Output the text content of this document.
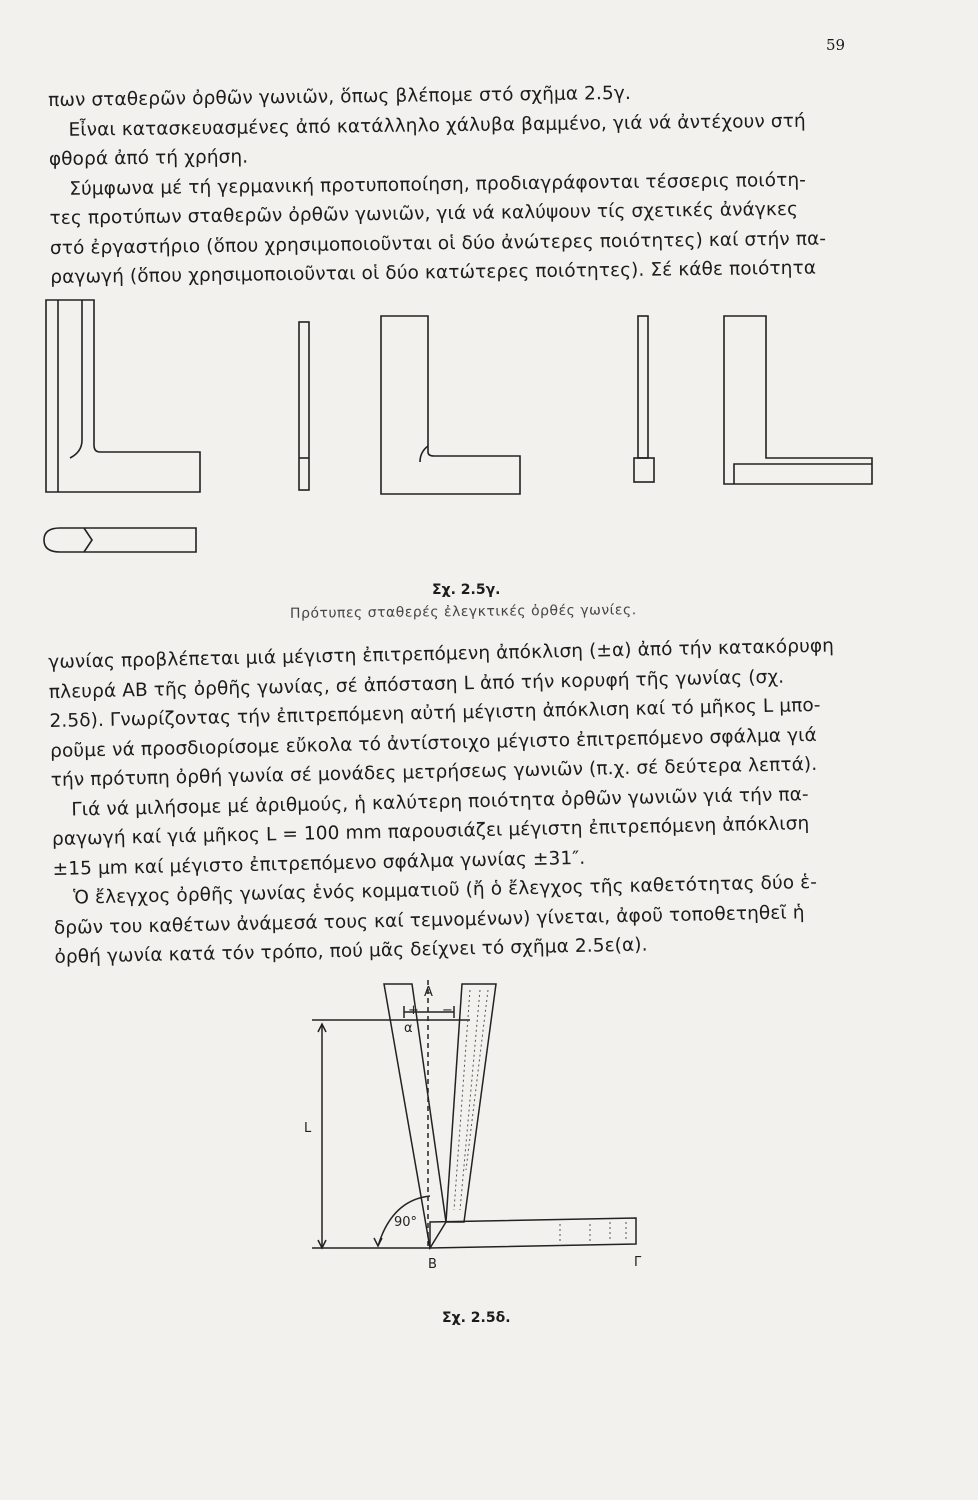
59
πων σταθερῶν ὀρθῶν γωνιῶν, ὅπως βλέπομε στό σχῆμα 2.5γ.
Εἶναι κατασκευασμένες ἀπό κατάλληλο χάλυβα βαμμένο, γιά νά ἀντέχουν στή
φθορά ἀπό τή χρήση.
Σύμφωνα μέ τή γερμανική προτυποποίηση, προδιαγράφονται τέσσερις ποιότη-
τες προτύπων σταθερῶν ὀρθῶν γωνιῶν, γιά νά καλύψουν τίς σχετικές ἀνάγκες
στό ἐργαστήριο (ὅπου χρησιμοποιοῦνται οἱ δύο ἀνώτερες ποιότητες) καί στήν πα-
ραγωγή (ὅπου χρησιμοποιοῦνται οἱ δύο κατώτερες ποιότητες). Σέ κάθε ποιότητα
Σχ. 2.5γ.
Πρότυπες σταθερές ἐλεγκτικές ὀρθές γωνίες.
γωνίας προβλέπεται μιά μέγιστη ἐπιτρεπόμενη ἀπόκλιση (±α) ἀπό τήν κατακόρυφη
πλευρά ΑΒ τῆς ὀρθῆς γωνίας, σέ ἀπόσταση L ἀπό τήν κορυφή τῆς γωνίας (σχ.
2.5δ). Γνωρίζοντας τήν ἐπιτρεπόμενη αὐτή μέγιστη ἀπόκλιση καί τό μῆκος L μπο-
ροῦμε νά προσδιορίσομε εὔκολα τό ἀντίστοιχο μέγιστο ἐπιτρεπόμενο σφάλμα γιά
τήν πρότυπη ὀρθή γωνία σέ μονάδες μετρήσεως γωνιῶν (π.χ. σέ δεύτερα λεπτά).
Γιά νά μιλήσομε μέ ἀριθμούς, ἡ καλύτερη ποιότητα ὀρθῶν γωνιῶν γιά τήν πα-
ραγωγή καί γιά μῆκος L = 100 mm παρουσιάζει μέγιστη ἐπιτρεπόμενη ἀπόκλιση
±15 μm καί μέγιστο ἐπιτρεπόμενο σφάλμα γωνίας ±31″.
Ὁ ἔλεγχος ὀρθῆς γωνίας ἑνός κομματιοῦ (ἤ ὁ ἔλεγχος τῆς καθετότητας δύο ἑ-
δρῶν του καθέτων ἀνάμεσά τους καί τεμνομένων) γίνεται, ἀφοῦ τοποθετηθεῖ ἡ
ὀρθή γωνία κατά τόν τρόπο, πού μᾶς δείχνει τό σχῆμα 2.5ε(α).
A
+ −
α
L
90°
B	Γ
Σχ. 2.5δ.
